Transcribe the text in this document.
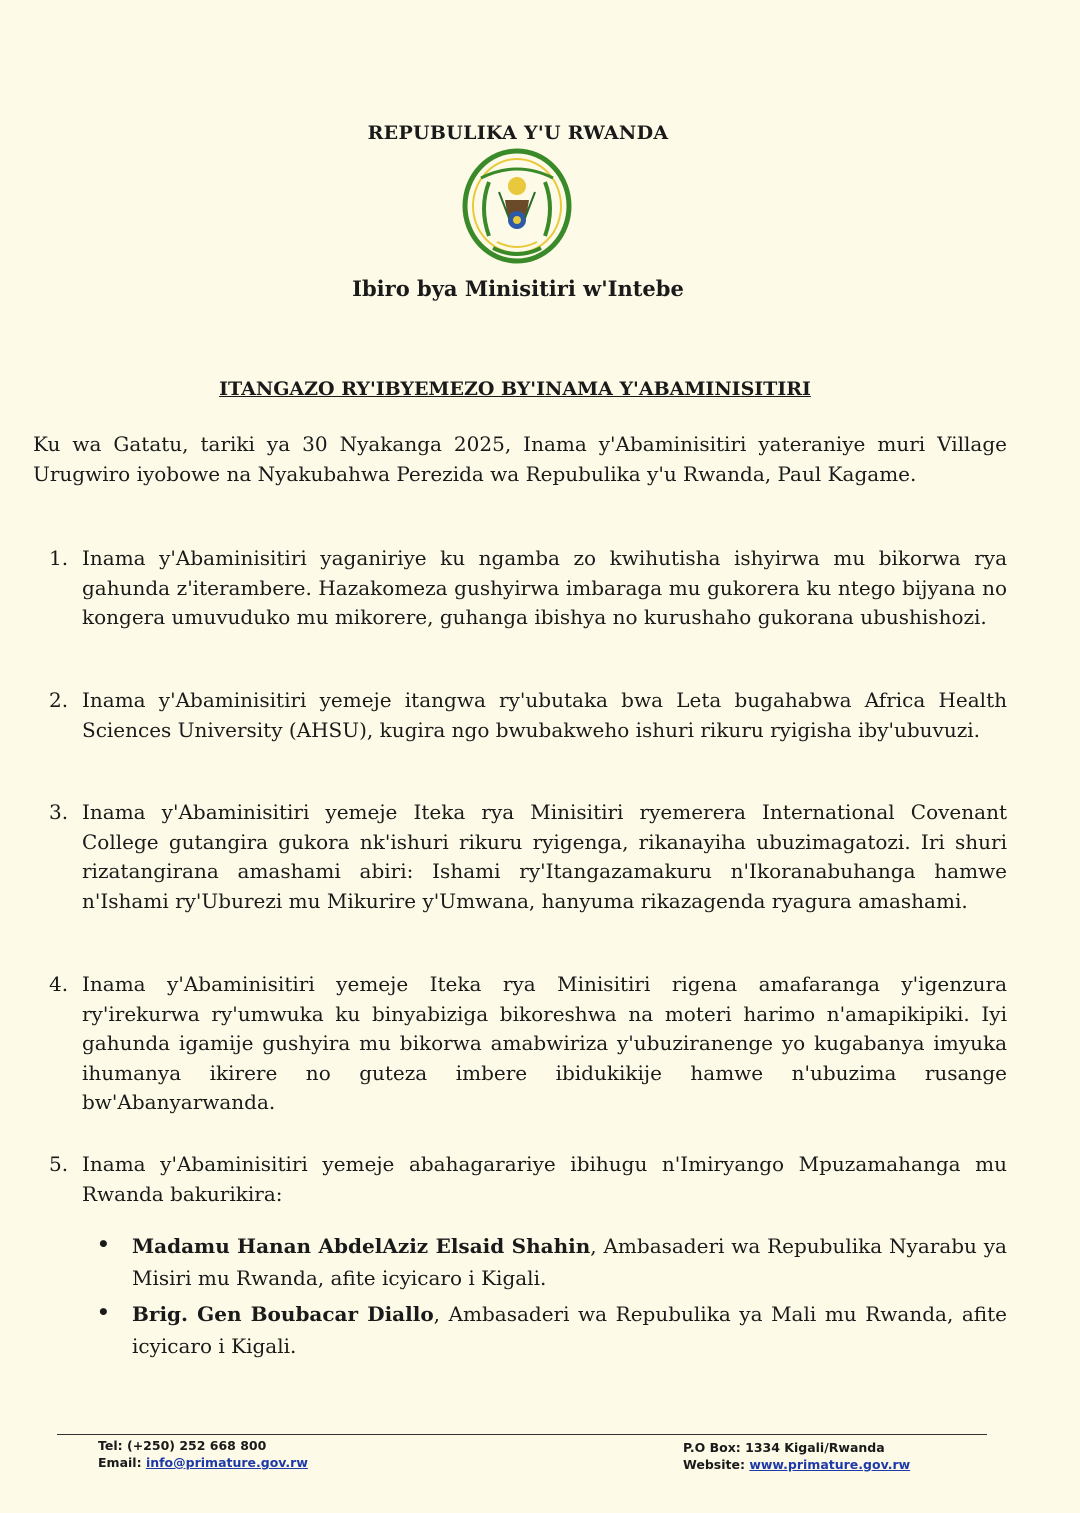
REPUBULIKA Y'U RWANDA
Ibiro bya Minisitiri w'Intebe
ITANGAZO RY'IBYEMEZO BY'INAMA Y'ABAMINISITIRI
Ku wa Gatatu, tariki ya 30 Nyakanga 2025, Inama y'Abaminisitiri yateraniye muri Village Urugwiro iyobowe na Nyakubahwa Perezida wa Repubulika y'u Rwanda, Paul Kagame.
1. Inama y'Abaminisitiri yaganiriye ku ngamba zo kwihutisha ishyirwa mu bikorwa rya gahunda z'iterambere. Hazakomeza gushyirwa imbaraga mu gukorera ku ntego bijyana no kongera umuvuduko mu mikorere, guhanga ibishya no kurushaho gukorana ubushishozi.
2. Inama y'Abaminisitiri yemeje itangwa ry'ubutaka bwa Leta bugahabwa Africa Health Sciences University (AHSU), kugira ngo bwubakweho ishuri rikuru ryigisha iby'ubuvuzi.
3. Inama y'Abaminisitiri yemeje Iteka rya Minisitiri ryemerera International Covenant College gutangira gukora nk'ishuri rikuru ryigenga, rikanayiha ubuzimagatozi. Iri shuri rizatangirana amashami abiri: Ishami ry'Itangazamakuru n'Ikoranabuhanga hamwe n'Ishami ry'Uburezi mu Mikurire y'Umwana, hanyuma rikazagenda ryagura amashami.
4. Inama y'Abaminisitiri yemeje Iteka rya Minisitiri rigena amafaranga y'igenzura ry'irekurwa ry'umwuka ku binyabiziga bikoreshwa na moteri harimo n'amapikipiki. Iyi gahunda igamije gushyira mu bikorwa amabwiriza y'ubuziranenge yo kugabanya imyuka ihumanya ikirere no guteza imbere ibidukikije hamwe n'ubuzima rusange bw'Abanyarwanda.
5. Inama y'Abaminisitiri yemeje abahagarariye ibihugu n'Imiryango Mpuzamahanga mu Rwanda bakurikira:
• Madamu Hanan AbdelAziz Elsaid Shahin, Ambasaderi wa Repubulika Nyarabu ya Misiri mu Rwanda, afite icyicaro i Kigali.
• Brig. Gen Boubacar Diallo, Ambasaderi wa Repubulika ya Mali mu Rwanda, afite icyicaro i Kigali.
Tel: (+250) 252 668 800
Email: info@primature.gov.rw
P.O Box: 1334 Kigali/Rwanda
Website: www.primature.gov.rw
